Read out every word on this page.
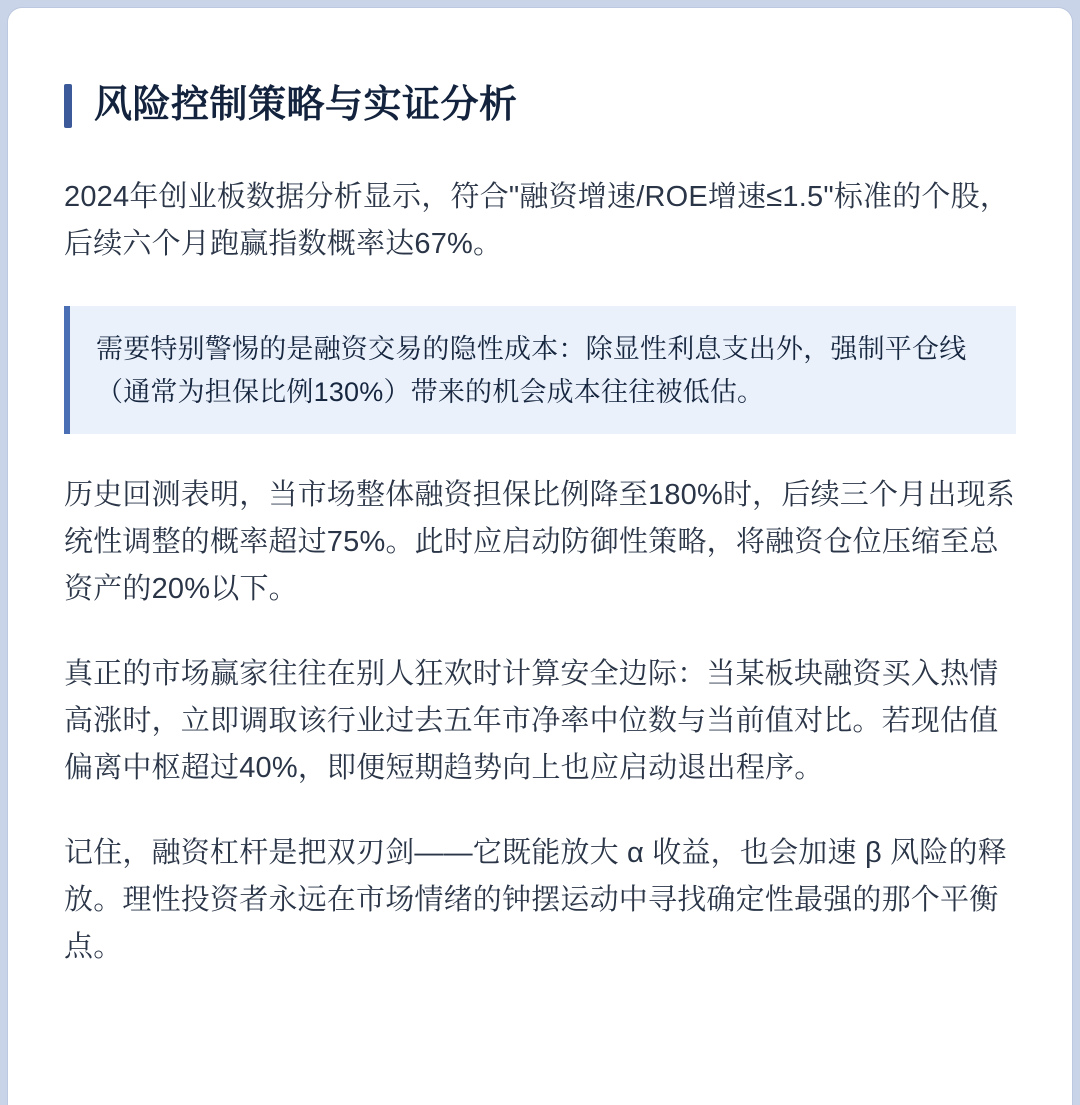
风险控制策略与实证分析

2024年创业板数据分析显示，符合"融资增速/ROE增速≤1.5"标准的个股，后续六个月跑赢指数概率达67%。

需要特别警惕的是融资交易的隐性成本：除显性利息支出外，强制平仓线（通常为担保比例130%）带来的机会成本往往被低估。

历史回测表明，当市场整体融资担保比例降至180%时，后续三个月出现系统性调整的概率超过75%。此时应启动防御性策略，将融资仓位压缩至总资产的20%以下。

真正的市场赢家往往在别人狂欢时计算安全边际：当某板块融资买入热情高涨时，立即调取该行业过去五年市净率中位数与当前值对比。若现估值偏离中枢超过40%，即便短期趋势向上也应启动退出程序。

记住，融资杠杆是把双刃剑——它既能放大 α 收益，也会加速 β 风险的释放。理性投资者永远在市场情绪的钟摆运动中寻找确定性最强的那个平衡点。
